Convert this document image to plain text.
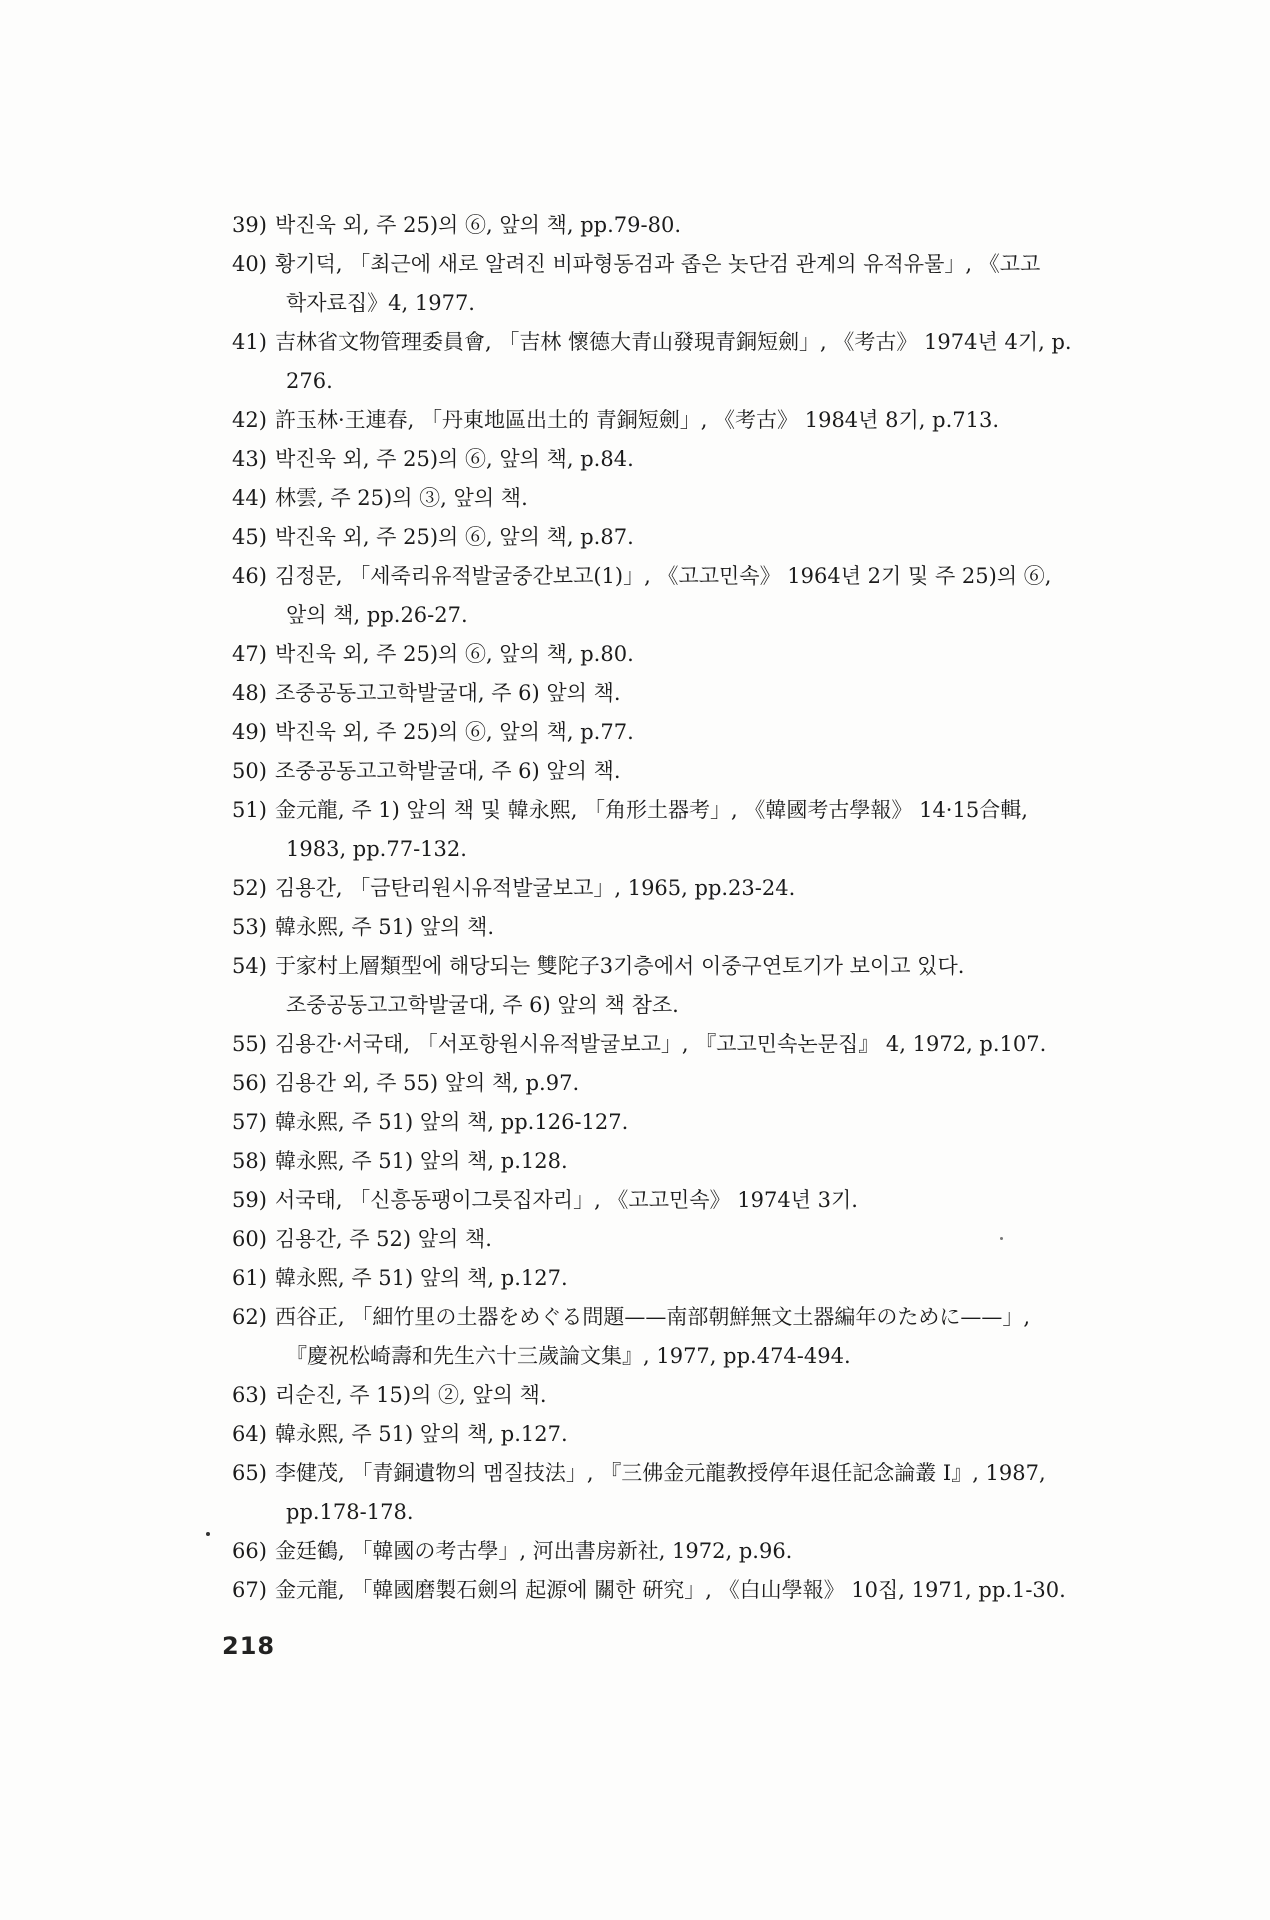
39) 박진욱 외, 주 25)의 ⑥, 앞의 책, pp.79-80.
40) 황기덕, 「최근에 새로 알려진 비파형동검과 좁은 놋단검 관계의 유적유물」, 《고고
학자료집》4, 1977.
41) 吉林省文物管理委員會, 「吉林 懷德大青山發現青銅短劍」, 《考古》 1974년 4기, p.
276.
42) 許玉林·王連春, 「丹東地區出土的 青銅短劍」, 《考古》 1984년 8기, p.713.
43) 박진욱 외, 주 25)의 ⑥, 앞의 책, p.84.
44) 林雲, 주 25)의 ③, 앞의 책.
45) 박진욱 외, 주 25)의 ⑥, 앞의 책, p.87.
46) 김정문, 「세죽리유적발굴중간보고(1)」, 《고고민속》 1964년 2기 및 주 25)의 ⑥,
앞의 책, pp.26-27.
47) 박진욱 외, 주 25)의 ⑥, 앞의 책, p.80.
48) 조중공동고고학발굴대, 주 6) 앞의 책.
49) 박진욱 외, 주 25)의 ⑥, 앞의 책, p.77.
50) 조중공동고고학발굴대, 주 6) 앞의 책.
51) 金元龍, 주 1) 앞의 책 및 韓永熙, 「角形土器考」, 《韓國考古學報》 14·15合輯,
1983, pp.77-132.
52) 김용간, 「금탄리원시유적발굴보고」, 1965, pp.23-24.
53) 韓永熙, 주 51) 앞의 책.
54) 于家村上層類型에 해당되는 雙陀子3기층에서 이중구연토기가 보이고 있다.
조중공동고고학발굴대, 주 6) 앞의 책 참조.
55) 김용간·서국태, 「서포항원시유적발굴보고」, 『고고민속논문집』 4, 1972, p.107.
56) 김용간 외, 주 55) 앞의 책, p.97.
57) 韓永熙, 주 51) 앞의 책, pp.126-127.
58) 韓永熙, 주 51) 앞의 책, p.128.
59) 서국태, 「신흥동팽이그릇집자리」, 《고고민속》 1974년 3기.
60) 김용간, 주 52) 앞의 책.
61) 韓永熙, 주 51) 앞의 책, p.127.
62) 西谷正, 「細竹里の土器をめぐる問題——南部朝鮮無文土器編年のために——」,
『慶祝松崎壽和先生六十三歲論文集』, 1977, pp.474-494.
63) 리순진, 주 15)의 ②, 앞의 책.
64) 韓永熙, 주 51) 앞의 책, p.127.
65) 李健茂, 「青銅遺物의 멤질技法」, 『三佛金元龍教授停年退任記念論叢 Ⅰ』, 1987,
pp.178-178.
66) 金廷鶴, 「韓國の考古學」, 河出書房新社, 1972, p.96.
67) 金元龍, 「韓國磨製石劍의 起源에 關한 硏究」, 《白山學報》 10집, 1971, pp.1-30.
218
